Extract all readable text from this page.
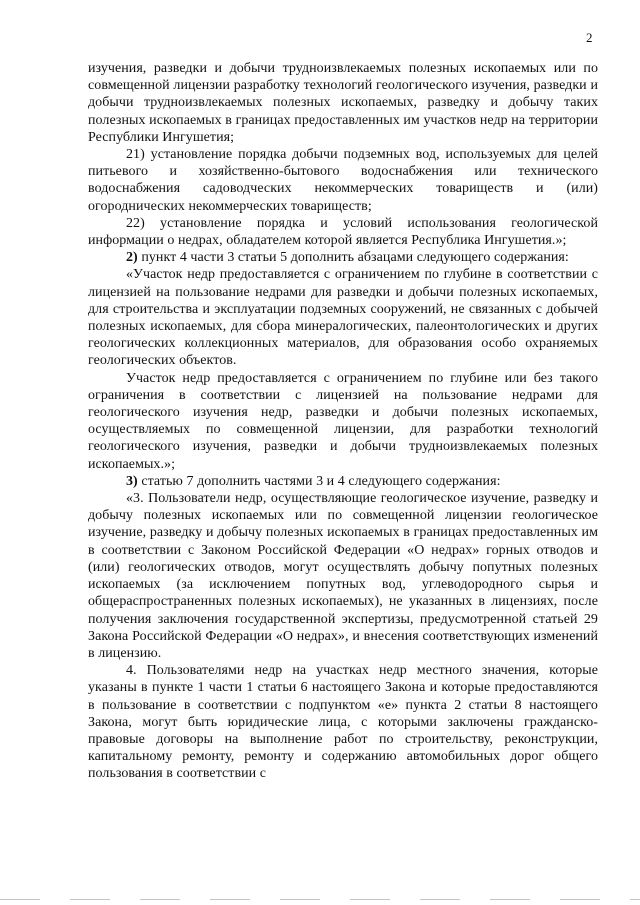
2

изучения, разведки и добычи трудноизвлекаемых полезных ископаемых или по совмещенной лицензии разработку технологий геологического изучения, разведки и добычи трудноизвлекаемых полезных ископаемых, разведку и добычу таких полезных ископаемых в границах предоставленных им участков недр на территории Республики Ингушетия;

21) установление порядка добычи подземных вод, используемых для целей питьевого и хозяйственно-бытового водоснабжения или технического водоснабжения садоводческих некоммерческих товариществ и (или) огороднических некоммерческих товариществ;

22) установление порядка и условий использования геологической информации о недрах, обладателем которой является Республика Ингушетия.»;

2) пункт 4 части 3 статьи 5 дополнить абзацами следующего содержания:

«Участок недр предоставляется с ограничением по глубине в соответствии с лицензией на пользование недрами для разведки и добычи полезных ископаемых, для строительства и эксплуатации подземных сооружений, не связанных с добычей полезных ископаемых, для сбора минералогических, палеонтологических и других геологических коллекционных материалов, для образования особо охраняемых геологических объектов.

Участок недр предоставляется с ограничением по глубине или без такого ограничения в соответствии с лицензией на пользование недрами для геологического изучения недр, разведки и добычи полезных ископаемых, осуществляемых по совмещенной лицензии, для разработки технологий геологического изучения, разведки и добычи трудноизвлекаемых полезных ископаемых.»;

3) статью 7 дополнить частями 3 и 4 следующего содержания:

«3. Пользователи недр, осуществляющие геологическое изучение, разведку и добычу полезных ископаемых или по совмещенной лицензии геологическое изучение, разведку и добычу полезных ископаемых в границах предоставленных им в соответствии с Законом Российской Федерации «О недрах» горных отводов и (или) геологических отводов, могут осуществлять добычу попутных полезных ископаемых (за исключением попутных вод, углеводородного сырья и общераспространенных полезных ископаемых), не указанных в лицензиях, после получения заключения государственной экспертизы, предусмотренной статьей 29 Закона Российской Федерации «О недрах», и внесения соответствующих изменений в лицензию.

4. Пользователями недр на участках недр местного значения, которые указаны в пункте 1 части 1 статьи 6 настоящего Закона и которые предоставляются в пользование в соответствии с подпунктом «е» пункта 2 статьи 8 настоящего Закона, могут быть юридические лица, с которыми заключены гражданско-правовые договоры на выполнение работ по строительству, реконструкции, капитальному ремонту, ремонту и содержанию автомобильных дорог общего пользования в соответствии с
